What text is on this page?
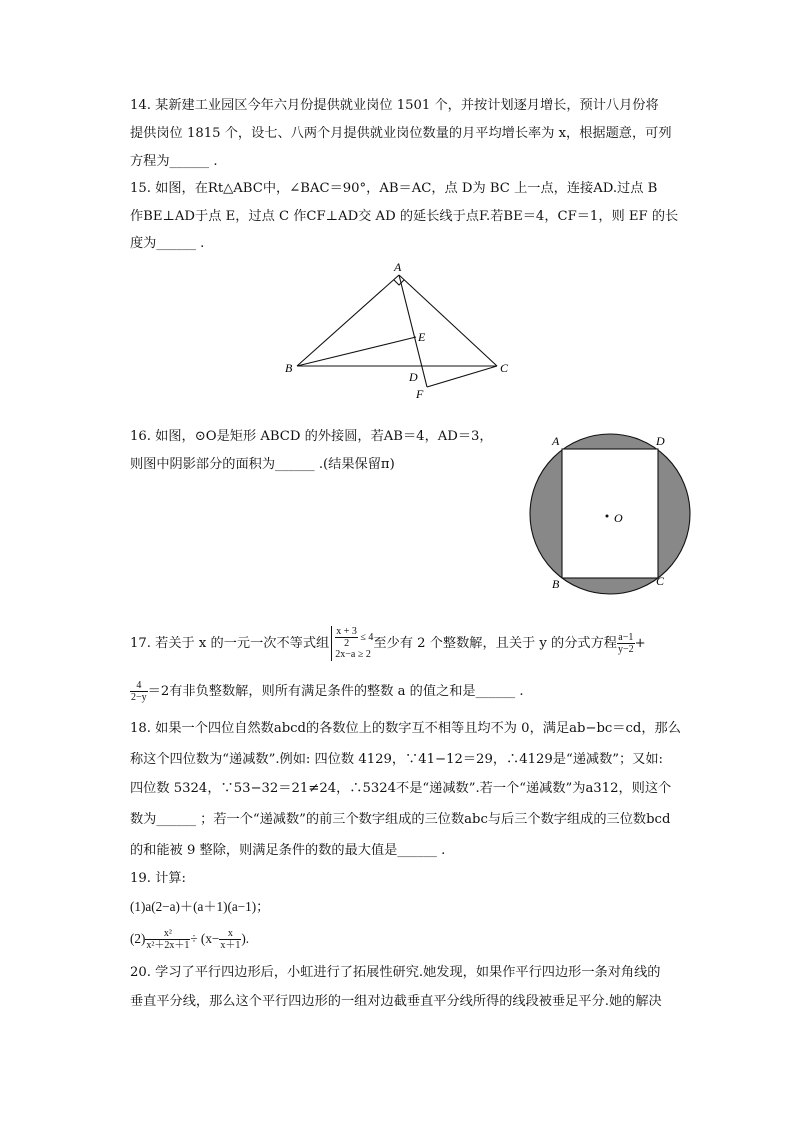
14. 某新建工业园区今年六月份提供就业岗位 1501 个，并按计划逐月增长，预计八月份将
提供岗位 1815 个，设七、八两个月提供就业岗位数量的月平均增长率为 x，根据题意，可列
方程为______ .
15. 如图，在Rt△ABC中，∠BAC＝90°，AB＝AC，点 D为 BC 上一点，连接AD.过点 B
作BE⊥AD于点 E，过点 C 作CF⊥AD交 AD 的延长线于点F.若BE＝4，CF＝1，则 EF 的长
度为______ .
A
B	C
E
D
F
16. 如图，⊙O是矩形 ABCD 的外接圆，若AB＝4，AD＝3，
则图中阴影部分的面积为______ .(结果保留π)
A	D
B	C
O
17. 若关于 x 的一元一次不等式组 $\frac{x + 3}{2} \le 4$
2x−a ≥ 2
至少有 2 个整数解，且关于 y 的分式方程 $\frac{a-1}{y-2}$ +
$\frac{4}{2-y} =2$有非负整数解，则所有满足条件的整数 a 的值之和是______ .
18. 如果一个四位自然数abcd的各数位上的数字互不相等且均不为 0，满足ab−bc＝cd，那么
称这个四位数为“递减数”.例如: 四位数 4129，∵41−12＝29，∴4129是“递减数”；又如:
四位数 5324，∵53−32＝21≠24，∴5324不是“递减数”.若一个“递减数”为a312，则这个
数为______ ；若一个“递减数”的前三个数字组成的三位数abc与后三个数字组成的三位数bcd
的和能被 9 整除，则满足条件的数的最大值是______ .
19. 计算:
(1)a(2−a)＋(a＋1)(a−1)；
$(2) \frac{\text{x²}}{\text{x²＋2x＋1}} \div (x- \frac{x}{x+1}$ ).
20. 学习了平行四边形后，小虹进行了拓展性研究.她发现，如果作平行四边形一条对角线的
垂直平分线，那么这个平行四边形的一组对边截垂直平分线所得的线段被垂足平分.她的解决
